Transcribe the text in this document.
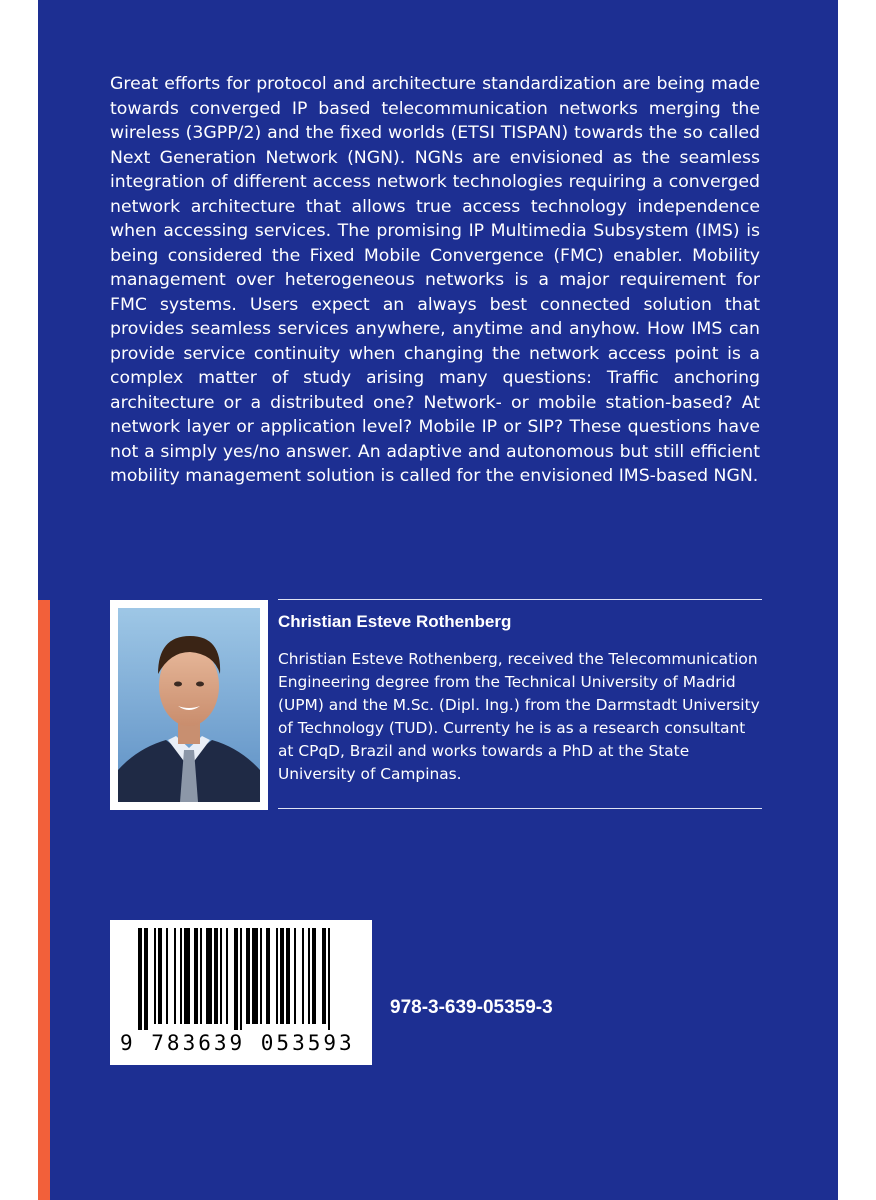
Great efforts for protocol and architecture standardization are being made towards converged IP based telecommunication networks merging the wireless (3GPP/2) and the fixed worlds (ETSI TISPAN) towards the so called Next Generation Network (NGN). NGNs are envisioned as the seamless integration of different access network technologies requiring a converged network architecture that allows true access technology independence when accessing services. The promising IP Multimedia Subsystem (IMS) is being considered the Fixed Mobile Convergence (FMC) enabler. Mobility management over heterogeneous networks is a major requirement for FMC systems. Users expect an always best connected solution that provides seamless services anywhere, anytime and anyhow. How IMS can provide service continuity when changing the network access point is a complex matter of study arising many questions: Traffic anchoring architecture or a distributed one? Network- or mobile station-based? At network layer or application level? Mobile IP or SIP? These questions have not a simply yes/no answer. An adaptive and autonomous but still efficient mobility management solution is called for the envisioned IMS-based NGN.

Christian Esteve Rothenberg

Christian Esteve Rothenberg, received the Telecommunication Engineering degree from the Technical University of Madrid (UPM) and the M.Sc. (Dipl. Ing.) from the Darmstadt University of Technology (TUD). Currenty he is as a research consultant at CPqD, Brazil and works towards a PhD at the State University of Campinas.

9 783639 053593
978-3-639-05359-3
